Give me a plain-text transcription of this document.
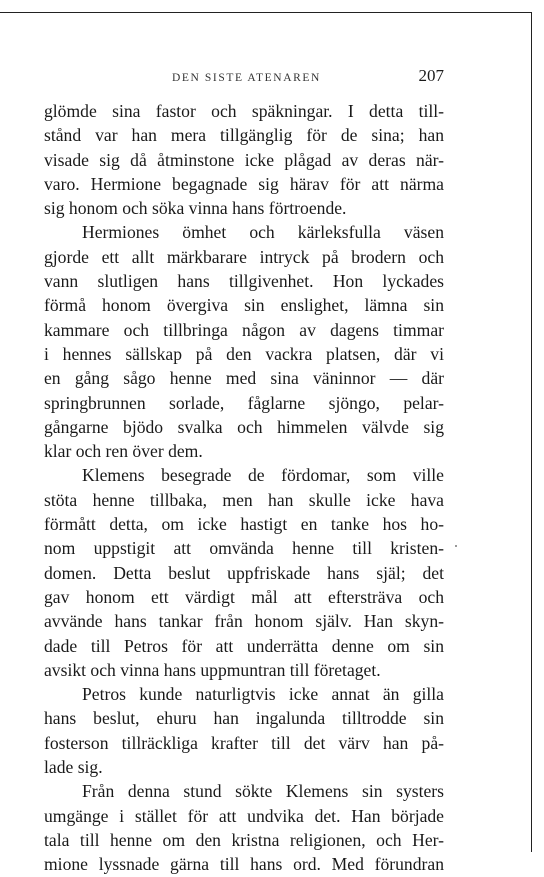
DEN SISTE ATENAREN	207
glömde sina fastor och späkningar. I detta till-
stånd var han mera tillgänglig för de sina; han
visade sig då åtminstone icke plågad av deras när-
varo. Hermione begagnade sig härav för att närma
sig honom och söka vinna hans förtroende.
Hermiones ömhet och kärleksfulla väsen
gjorde ett allt märkbarare intryck på brodern och
vann slutligen hans tillgivenhet. Hon lyckades
förmå honom övergiva sin enslighet, lämna sin
kammare och tillbringa någon av dagens timmar
i hennes sällskap på den vackra platsen, där vi
en gång sågo henne med sina väninnor — där
springbrunnen sorlade, fåglarne sjöngo, pelar-
gångarne bjödo svalka och himmelen välvde sig
klar och ren över dem.
Klemens besegrade de fördomar, som ville
stöta henne tillbaka, men han skulle icke hava
förmått detta, om icke hastigt en tanke hos ho-
nom uppstigit att omvända henne till kristen-
domen. Detta beslut uppfriskade hans själ; det
gav honom ett värdigt mål att eftersträva och
avvände hans tankar från honom själv. Han skyn-
dade till Petros för att underrätta denne om sin
avsikt och vinna hans uppmuntran till företaget.
Petros kunde naturligtvis icke annat än gilla
hans beslut, ehuru han ingalunda tilltrodde sin
fosterson tillräckliga krafter till det värv han på-
lade sig.
Från denna stund sökte Klemens sin systers
umgänge i stället för att undvika det. Han började
tala till henne om den kristna religionen, och Her-
mione lyssnade gärna till hans ord. Med förundran
